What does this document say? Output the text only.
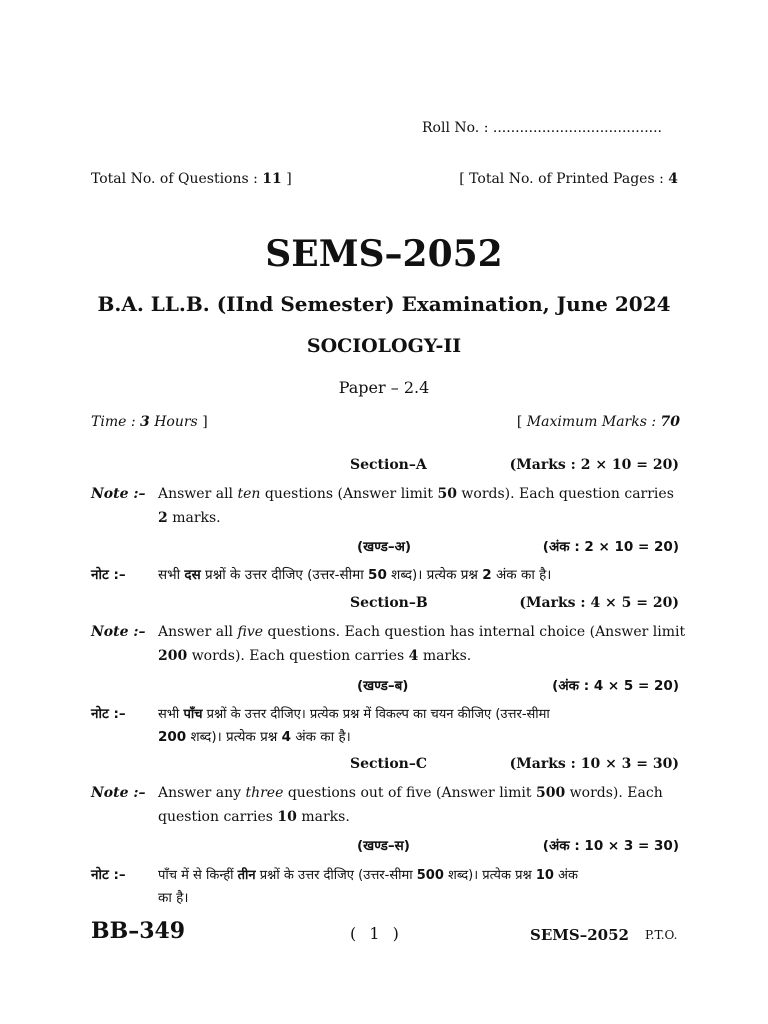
Roll No. : ......................................
Total No. of Questions : 11 ]	[ Total No. of Printed Pages : 4
SEMS–2052
B.A. LL.B. (IInd Semester) Examination, June 2024
SOCIOLOGY-II
Paper – 2.4
Time : 3 Hours ]	[ Maximum Marks : 70
Section–A	(Marks : 2 × 10 = 20)
Note :– Answer all ten questions (Answer limit 50 words). Each question carries
2 marks.
(खण्ड–अ)	(अंक : 2 × 10 = 20)
नोट :– सभी दस प्रश्नों के उत्तर दीजिए (उत्तर-सीमा 50 शब्द)। प्रत्येक प्रश्न 2 अंक का है।
Section–B	(Marks : 4 × 5 = 20)
Note :– Answer all five questions. Each question has internal choice (Answer limit
200 words). Each question carries 4 marks.
(खण्ड–ब)	(अंक : 4 × 5 = 20)
नोट :– सभी पाँच प्रश्नों के उत्तर दीजिए। प्रत्येक प्रश्न में विकल्प का चयन कीजिए (उत्तर-सीमा
200 शब्द)। प्रत्येक प्रश्न 4 अंक का है।
Section–C	(Marks : 10 × 3 = 30)
Note :– Answer any three questions out of five (Answer limit 500 words). Each
question carries 10 marks.
(खण्ड–स)	(अंक : 10 × 3 = 30)
नोट :– पाँच में से किन्हीं तीन प्रश्नों के उत्तर दीजिए (उत्तर-सीमा 500 शब्द)। प्रत्येक प्रश्न 10 अंक
का है।
BB–349	( 1 )	SEMS–2052 P.T.O.
